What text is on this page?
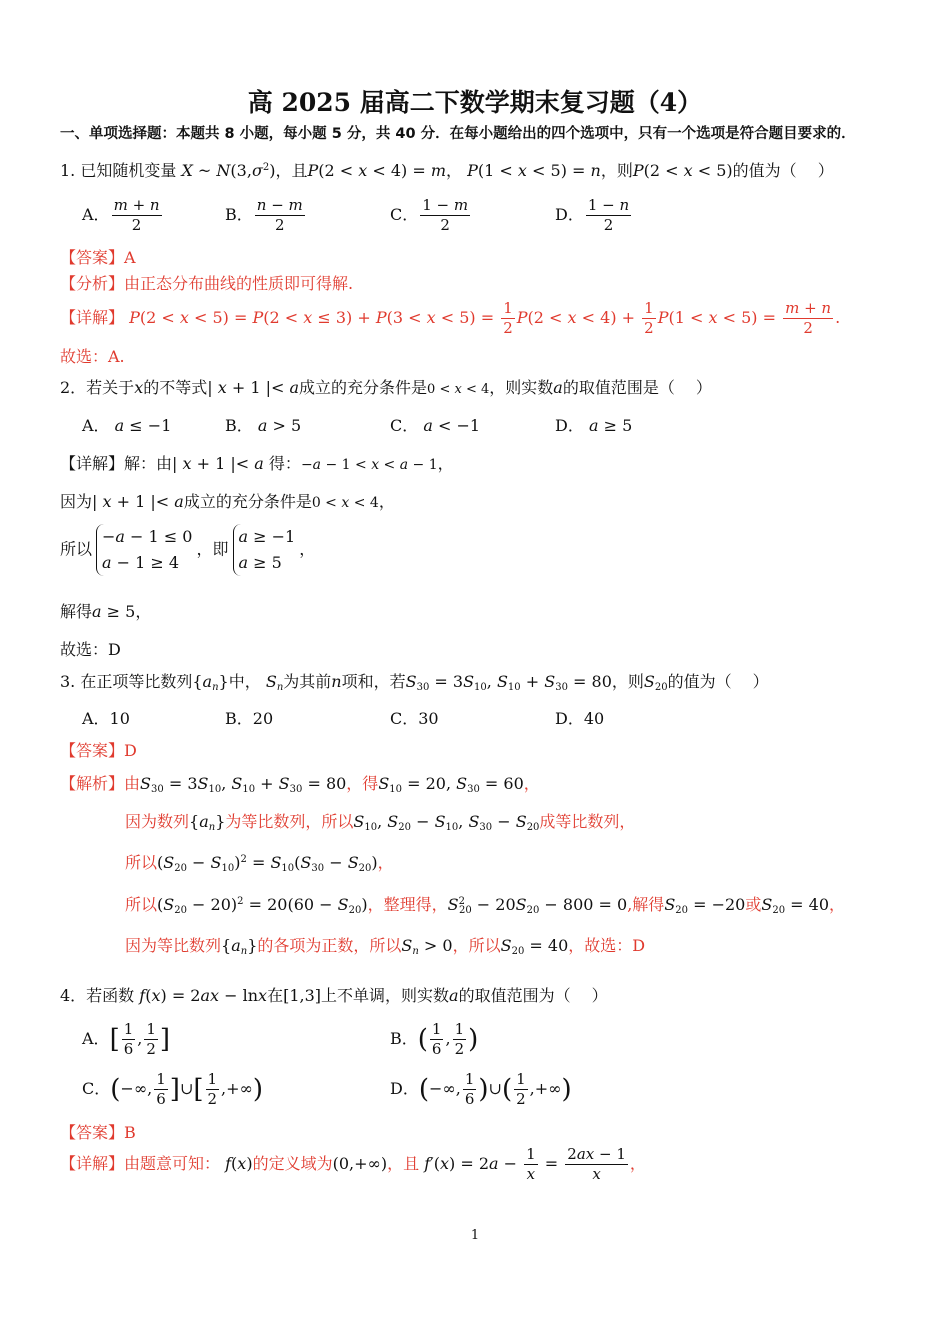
高 2025 届高二下数学期末复习题（4）
一、单项选择题：本题共 8 小题，每小题 5 分，共 40 分．在每小题给出的四个选项中，只有一个选项是符合题目要求的．
1. 已知随机变量 X ~ $N(3,\sigma^2)$，且P(2 < x < 4) = m， P(1 < x < 5) = n，则P(2 < x < 5)的值为（　 ）
A． $\frac{m + n}{2}$	B． $\frac{n - m}{2}$	C． $\frac{1 - m}{2}$	D． $\frac{1 - n}{2}$
【答案】A
【分析】由正态分布曲线的性质即可得解.
【详解】 $P(2 < x < 5) = P(2 < x \le 3) + P(3 < x < 5) = \frac{1}{2} P(2 < x < 4) + \frac{1}{2} P(1 < x < 5) = \frac{m + n}{2}$ .
故选：A.
2．若关于x的不等式| x + 1 |< a成立的充分条件是0 < x < 4，则实数a的取值范围是（　 ）
A． a ≤ −1	B． a > 5	C． a < −1	D． a ≥ 5
【详解】解：由| x + 1 |< a 得：−a − 1 < x < a − 1，
因为| x + 1 |< a成立的充分条件是0 < x < 4，
所以−a − 1 ≤ 0
a − 1 ≥ 4，即a ≥ −1
a ≥ 5，
解得a ≥ 5，
故选：D
3. 在正项等比数列$\{a_n\}$中， $S_n$为其前n项和，若$S_{30} = 3S_{10}$, $S_{10} + S_{30} = 80$，则$S_{20}$的值为（　 ）
A．10	B．20	C．30	D．40
【答案】D
【解析】由$S_{30} = 3S_{10}$, $S_{10} + S_{30} = 80$，得$S_{10} = 20$, $S_{30} = 60$，
因为数列$\{a_n\}$为等比数列，所以$S_{10}$, $S_{20} - S_{10}$, $S_{30} - S_{20}$成等比数列，
所以$(S_{20} - S_{10})^2 = S_{10}(S_{30} - S_{20})$，
所以$(S_{20} - 20)^2 = 20(60 - S_{20})$，整理得，$S^2_{20} - 20S_{20} - 800 = 0$,解得$S_{20} = -20$或$S_{20} = 40$，
因为等比数列$\{a_n\}$的各项为正数，所以$S_n > 0$，所以$S_{20} = 40$，故选：D
4．若函数 f(x) = 2ax − lnx在[1,3]上不单调，则实数a的取值范围为（　 ）
A．[ $\frac{1}{6}$ , $\frac{1}{2}$ ]	B．( $\frac{1}{6}$ , $\frac{1}{2}$ )
C．(−∞, $\frac{1}{6}$ ]∪[ $\frac{1}{2}$ ,+∞)	D．(−∞, $\frac{1}{6}$ )∪( $\frac{1}{2}$ ,+∞)
【答案】B
【详解】由题意可知： f(x)的定义域为(0,+∞)，且 $f'(x) = 2a - \frac{1}{x} = \frac{2ax - 1}{x}$ ，
1
